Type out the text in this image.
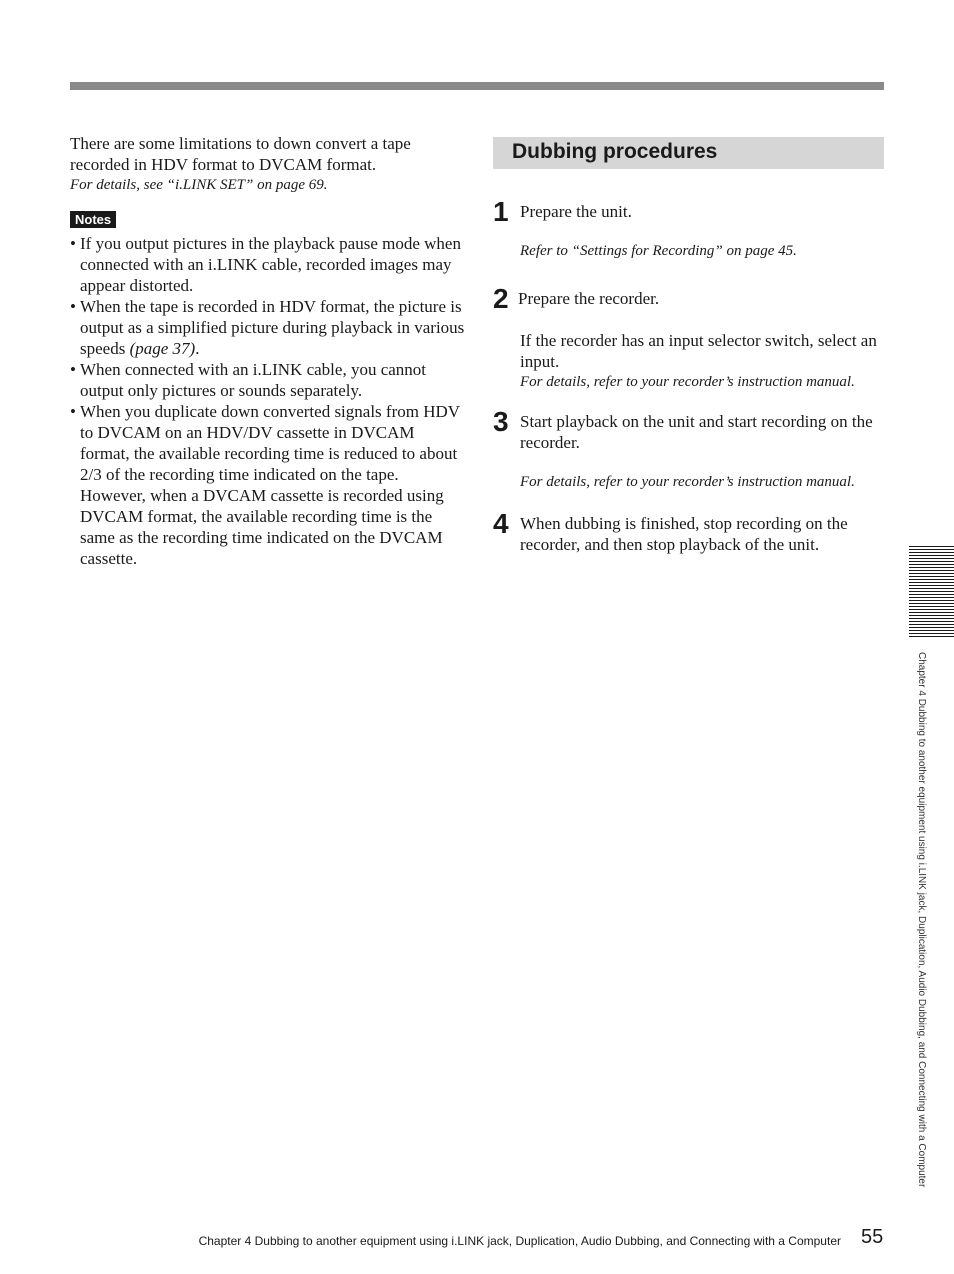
There are some limitations to down convert a tape recorded in HDV format to DVCAM format.

For details, see “i.LINK SET” on page 69.

Notes
• If you output pictures in the playback pause mode when connected with an i.LINK cable, recorded images may appear distorted.
• When the tape is recorded in HDV format, the picture is output as a simplified picture during playback in various speeds (page 37).
• When connected with an i.LINK cable, you cannot output only pictures or sounds separately.
• When you duplicate down converted signals from HDV to DVCAM on an HDV/DV cassette in DVCAM format, the available recording time is reduced to about 2/3 of the recording time indicated on the tape. However, when a DVCAM cassette is recorded using DVCAM format, the available recording time is the same as the recording time indicated on the DVCAM cassette.
Dubbing procedures
1 Prepare the unit.

Refer to “Settings for Recording” on page 45.

2 Prepare the recorder.

If the recorder has an input selector switch, select an input.

For details, refer to your recorder’s instruction manual.

3 Start playback on the unit and start recording on the recorder.

For details, refer to your recorder’s instruction manual.

4 When dubbing is finished, stop recording on the recorder, and then stop playback of the unit.

Chapter 4 Dubbing to another equipment using i.LINK jack, Duplication, Audio Dubbing, and Connecting with a Computer
Chapter 4 Dubbing to another equipment using i.LINK jack, Duplication, Audio Dubbing, and Connecting with a Computer 55
